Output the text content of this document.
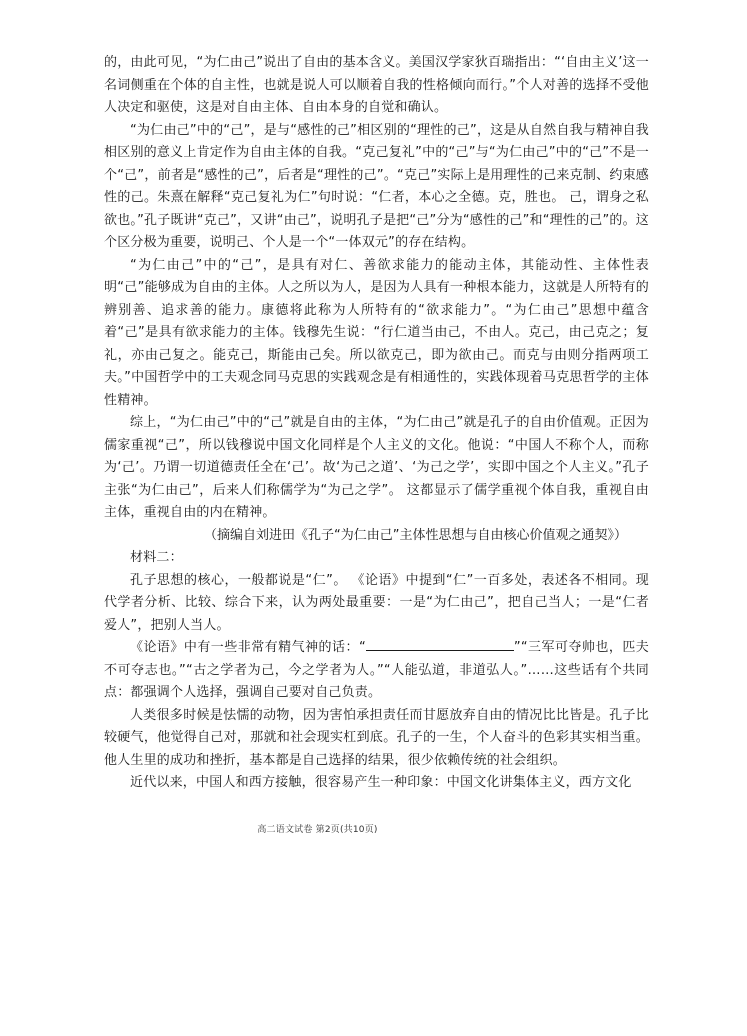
的，由此可见，“为仁由己”说出了自由的基本含义。美国汉学家狄百瑞指出：“‘自由主义’这一名词侧重在个体的自主性，也就是说人可以顺着自我的性格倾向而行。”个人对善的选择不受他人决定和驱使，这是对自由主体、自由本身的自觉和确认。

“为仁由己”中的“己”，是与“感性的己”相区别的“理性的己”，这是从自然自我与精神自我相区别的意义上肯定作为自由主体的自我。“克己复礼”中的“己”与“为仁由己”中的“己”不是一个“己”，前者是“感性的己”，后者是“理性的己”。“克己”实际上是用理性的己来克制、约束感性的己。朱熹在解释“克己复礼为仁”句时说：“仁者，本心之全德。克，胜也。 己，谓身之私欲也。”孔子既讲“克己”，又讲“由己”，说明孔子是把“己”分为“感性的己”和“理性的己”的。这个区分极为重要，说明己、个人是一个“一体双元”的存在结构。

“为仁由己”中的“己”，是具有对仁、善欲求能力的能动主体，其能动性、主体性表明“己”能够成为自由的主体。人之所以为人，是因为人具有一种根本能力，这就是人所特有的辨别善、追求善的能力。康德将此称为人所特有的“欲求能力”。“为仁由己”思想中蕴含着“己”是具有欲求能力的主体。钱穆先生说：“行仁道当由己，不由人。克己，由己克之；复礼，亦由己复之。能克己，斯能由己矣。所以欲克己，即为欲由己。而克与由则分指两项工夫。”中国哲学中的工夫观念同马克思的实践观念是有相通性的，实践体现着马克思哲学的主体性精神。

综上，“为仁由己”中的“己”就是自由的主体，“为仁由己”就是孔子的自由价值观。正因为儒家重视“己”，所以钱穆说中国文化同样是个人主义的文化。他说：“中国人不称个人，而称为‘己’。乃谓一切道德责任全在‘己’。故‘为己之道’、‘为己之学’，实即中国之个人主义。”孔子主张“为仁由己”，后来人们称儒学为“为己之学”。 这都显示了儒学重视个体自我，重视自由主体，重视自由的内在精神。

（摘编自刘进田《孔子“为仁由己”主体性思想与自由核心价值观之通契》）

材料二：

孔子思想的核心，一般都说是“仁”。 《论语》中提到“仁”一百多处，表述各不相同。现代学者分析、比较、综合下来，认为两处最重要：一是“为仁由己”，把自己当人；一是“仁者爱人”，把别人当人。

《论语》中有一些非常有精气神的话：“	”“三军可夺帅也，匹夫不可夺志也。”“古之学者为己，今之学者为人。”“人能弘道，非道弘人。”……这些话有个共同点：都强调个人选择，强调自己要对自己负责。

人类很多时候是怯懦的动物，因为害怕承担责任而甘愿放弃自由的情况比比皆是。孔子比较硬气，他觉得自己对，那就和社会现实杠到底。孔子的一生，个人奋斗的色彩其实相当重。他人生里的成功和挫折，基本都是自己选择的结果，很少依赖传统的社会组织。

近代以来，中国人和西方接触，很容易产生一种印象：中国文化讲集体主义，西方文化

高二语文试卷 第2页(共10页)
